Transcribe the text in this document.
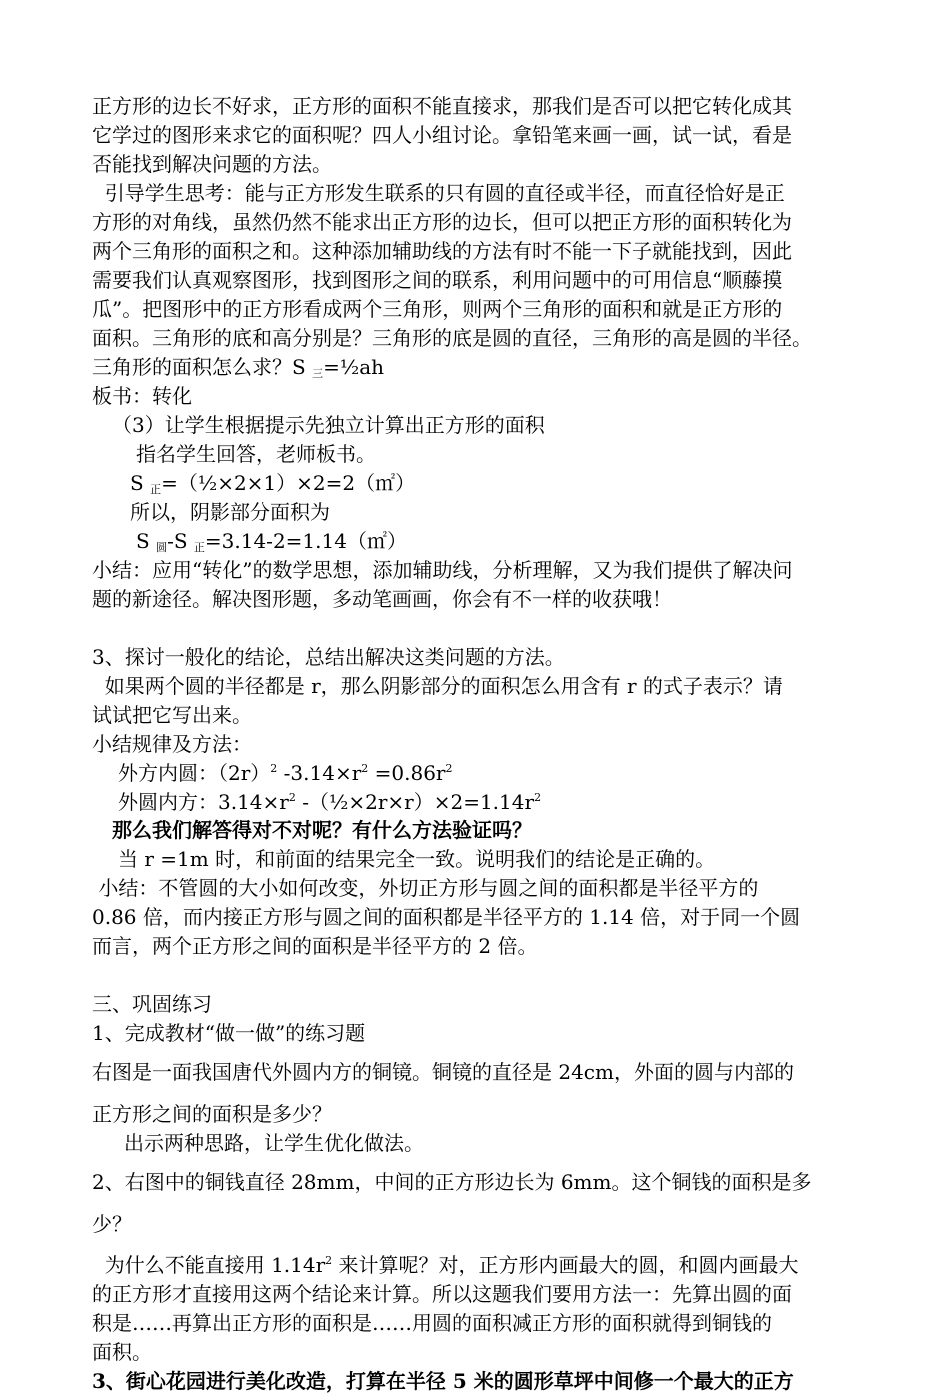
正方形的边长不好求，正方形的面积不能直接求，那我们是否可以把它转化成其
它学过的图形来求它的面积呢？四人小组讨论。拿铅笔来画一画，试一试，看是
否能找到解决问题的方法。
引导学生思考：能与正方形发生联系的只有圆的直径或半径，而直径恰好是正
方形的对角线，虽然仍然不能求出正方形的边长，但可以把正方形的面积转化为
两个三角形的面积之和。这种添加辅助线的方法有时不能一下子就能找到，因此
需要我们认真观察图形，找到图形之间的联系，利用问题中的可用信息“顺藤摸
瓜”。把图形中的正方形看成两个三角形，则两个三角形的面积和就是正方形的
面积。三角形的底和高分别是？三角形的底是圆的直径，三角形的高是圆的半径。
三角形的面积怎么求？S $_三$=½ah
板书：转化
（3）让学生根据提示先独立计算出正方形的面积
指名学生回答，老师板书。
S $_正$=（½×2×1）×2=2（㎡）
所以，阴影部分面积为
S $_圆$-S $_正$=3.14-2=1.14（㎡）
小结：应用“转化”的数学思想，添加辅助线，分析理解，又为我们提供了解决问
题的新途径。解决图形题，多动笔画画，你会有不一样的收获哦！
3、探讨一般化的结论，总结出解决这类问题的方法。
如果两个圆的半径都是 r，那么阴影部分的面积怎么用含有 r 的式子表示？请
试试把它写出来。
小结规律及方法：
外方内圆：$(2r)^2$ $-3.14\times r^2 =0.86r^2$
外圆内方：$3.14\times r^2$ $-(\frac{1}{2}\times 2r\times r)\times 2=1.14r^2$
那么我们解答得对不对呢？有什么方法验证吗？
当 r =1m 时，和前面的结果完全一致。说明我们的结论是正确的。
小结：不管圆的大小如何改变，外切正方形与圆之间的面积都是半径平方的
0.86 倍，而内接正方形与圆之间的面积都是半径平方的 1.14 倍，对于同一个圆
而言，两个正方形之间的面积是半径平方的 2 倍。
三、巩固练习
1、完成教材“做一做”的练习题
右图是一面我国唐代外圆内方的铜镜。铜镜的直径是 24cm，外面的圆与内部的
正方形之间的面积是多少？
出示两种思路，让学生优化做法。
2、右图中的铜钱直径 28mm，中间的正方形边长为 6mm。这个铜钱的面积是多
少？
为什么不能直接用 $1.14r^2$ 来计算呢？对，正方形内画最大的圆，和圆内画最大
的正方形才直接用这两个结论来计算。所以这题我们要用方法一：先算出圆的面
积是……再算出正方形的面积是……用圆的面积减正方形的面积就得到铜钱的
面积。
3、街心花园进行美化改造，打算在半径 5 米的圆形草坪中间修一个最大的正方
